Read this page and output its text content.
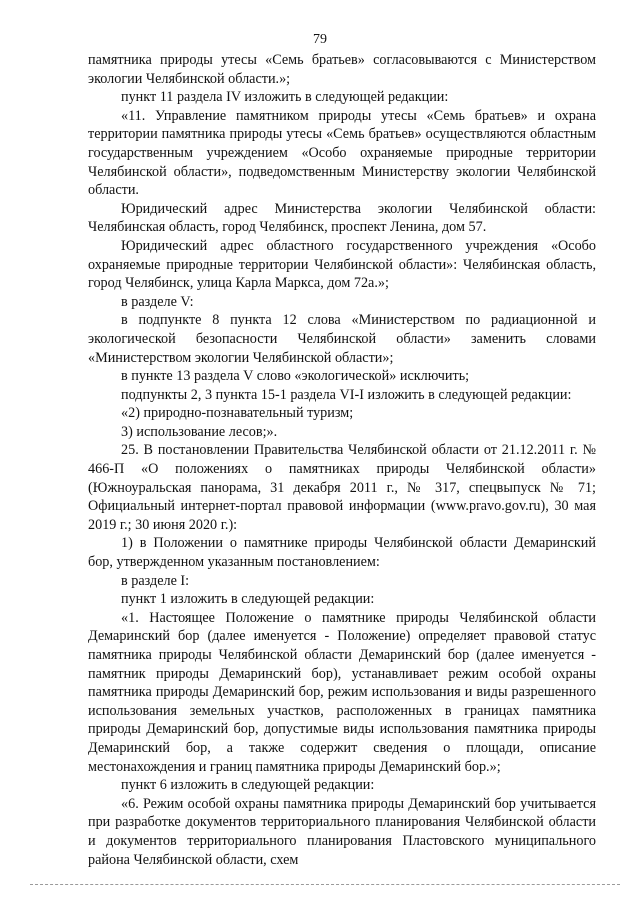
79

памятника природы утесы «Семь братьев» согласовываются с Министерством экологии Челябинской области.»;

пункт 11 раздела IV изложить в следующей редакции:

«11. Управление памятником природы утесы «Семь братьев» и охрана территории памятника природы утесы «Семь братьев» осуществляются областным государственным учреждением «Особо охраняемые природные территории Челябинской области», подведомственным Министерству экологии Челябинской области.

Юридический адрес Министерства экологии Челябинской области: Челябинская область, город Челябинск, проспект Ленина, дом 57.

Юридический адрес областного государственного учреждения «Особо охраняемые природные территории Челябинской области»: Челябинская область, город Челябинск, улица Карла Маркса, дом 72а.»;

в разделе V:

в подпункте 8 пункта 12 слова «Министерством по радиационной и экологической безопасности Челябинской области» заменить словами «Министерством экологии Челябинской области»;

в пункте 13 раздела V слово «экологической» исключить;

подпункты 2, 3 пункта 15-1 раздела VI-I изложить в следующей редакции:

«2) природно-познавательный туризм;

3) использование лесов;».

25. В постановлении Правительства Челябинской области от 21.12.2011 г. № 466-П «О положениях о памятниках природы Челябинской области» (Южноуральская панорама, 31 декабря 2011 г., № 317, спецвыпуск № 71; Официальный интернет-портал правовой информации (www.pravo.gov.ru), 30 мая 2019 г.; 30 июня 2020 г.):

1) в Положении о памятнике природы Челябинской области Демаринский бор, утвержденном указанным постановлением:

в разделе I:

пункт 1 изложить в следующей редакции:

«1. Настоящее Положение о памятнике природы Челябинской области Демаринский бор (далее именуется - Положение) определяет правовой статус памятника природы Челябинской области Демаринский бор (далее именуется - памятник природы Демаринский бор), устанавливает режим особой охраны памятника природы Демаринский бор, режим использования и виды разрешенного использования земельных участков, расположенных в границах памятника природы Демаринский бор, допустимые виды использования памятника природы Демаринский бор, а также содержит сведения о площади, описание местонахождения и границ памятника природы Демаринский бор.»;

пункт 6 изложить в следующей редакции:

«6. Режим особой охраны памятника природы Демаринский бор учитывается при разработке документов территориального планирования Челябинской области и документов территориального планирования Пластовского муниципального района Челябинской области, схем
